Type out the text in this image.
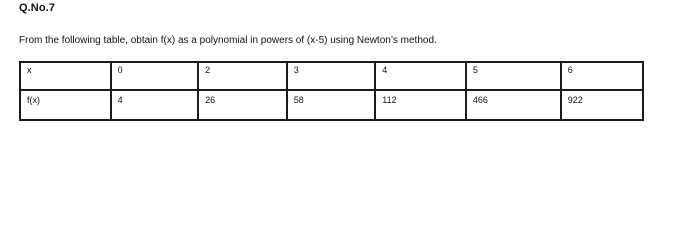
Q.No.7
From the following table, obtain f(x) as a polynomial in powers of (x-5) using Newton’s method.
x	0	2	3	4	5	6
f(x)	4	26	58	112	466	922
